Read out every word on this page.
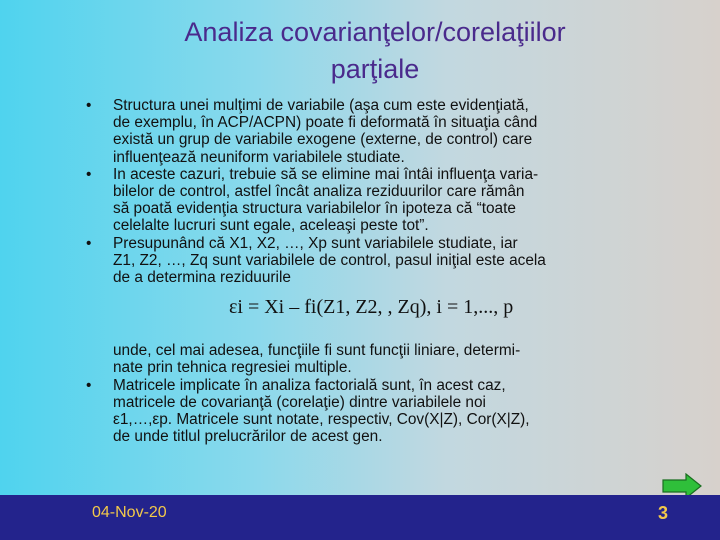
Analiza covarianţelor/corelaţiilor
parţiale
•	Structura unei mulţimi de variabile (aşa cum este evidenţiată,
de exemplu, în ACP/ACPN) poate fi deformată în situaţia când
există un grup de variabile exogene (externe, de control) care
influenţează neuniform variabilele studiate.
•	In aceste cazuri, trebuie să se elimine mai întâi influenţa varia-
bilelor de control, astfel încât analiza reziduurilor care rămân
să poată evidenţia structura variabilelor în ipoteza că “toate
celelalte lucruri sunt egale, aceleaşi peste tot”.
•	Presupunând că X1, X2, …, Xp sunt variabilele studiate, iar
Z1, Z2, …, Zq sunt variabilele de control, pasul iniţial este acela
de a determina reziduurile
εi = Xi – fi(Z1, Z2, , Zq), i = 1,..., p
unde, cel mai adesea, funcţiile fi sunt funcţii liniare, determi-
nate prin tehnica regresiei multiple.
•	Matricele implicate în analiza factorială sunt, în acest caz,
matricele de covarianţă (corelaţie) dintre variabilele noi
ε1,…,εp. Matricele sunt notate, respectiv, Cov(X|Z), Cor(X|Z),
de unde titlul prelucrărilor de acest gen.
04-Nov-20	3
